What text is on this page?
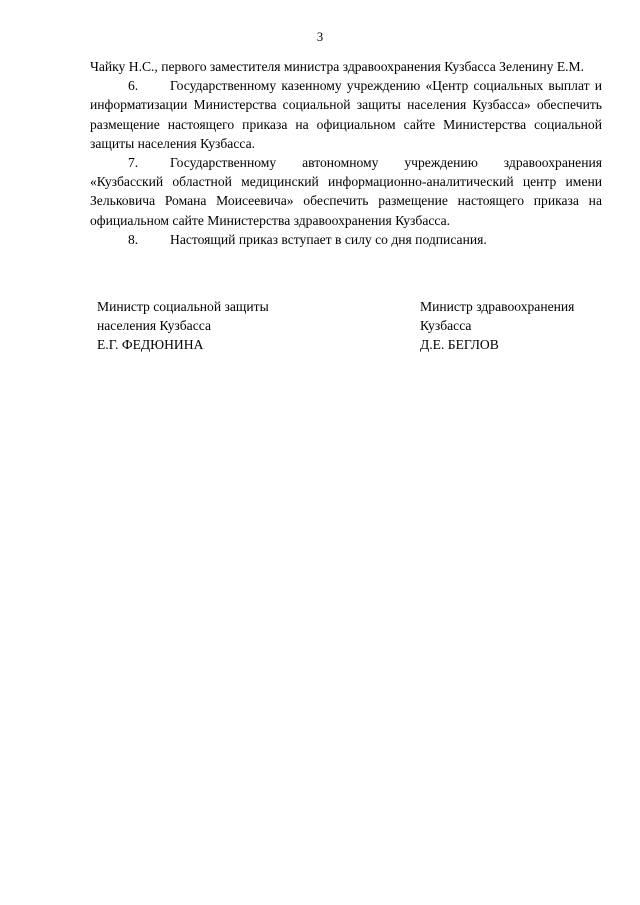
3

Чайку Н.С., первого заместителя министра здравоохранения Кузбасса Зеленину Е.М.

6. Государственному казенному учреждению «Центр социальных выплат и информатизации Министерства социальной защиты населения Кузбасса» обеспечить размещение настоящего приказа на официальном сайте Министерства социальной защиты населения Кузбасса.

7. Государственному автономному учреждению здравоохранения «Кузбасский областной медицинский информационно-аналитический центр имени Зельковича Романа Моисеевича» обеспечить размещение настоящего приказа на официальном сайте Министерства здравоохранения Кузбасса.

8. Настоящий приказ вступает в силу со дня подписания.

Министр социальной защиты
населения Кузбасса
Е.Г. ФЕДЮНИНА
Министр здравоохранения
Кузбасса
Д.Е. БЕГЛОВ
